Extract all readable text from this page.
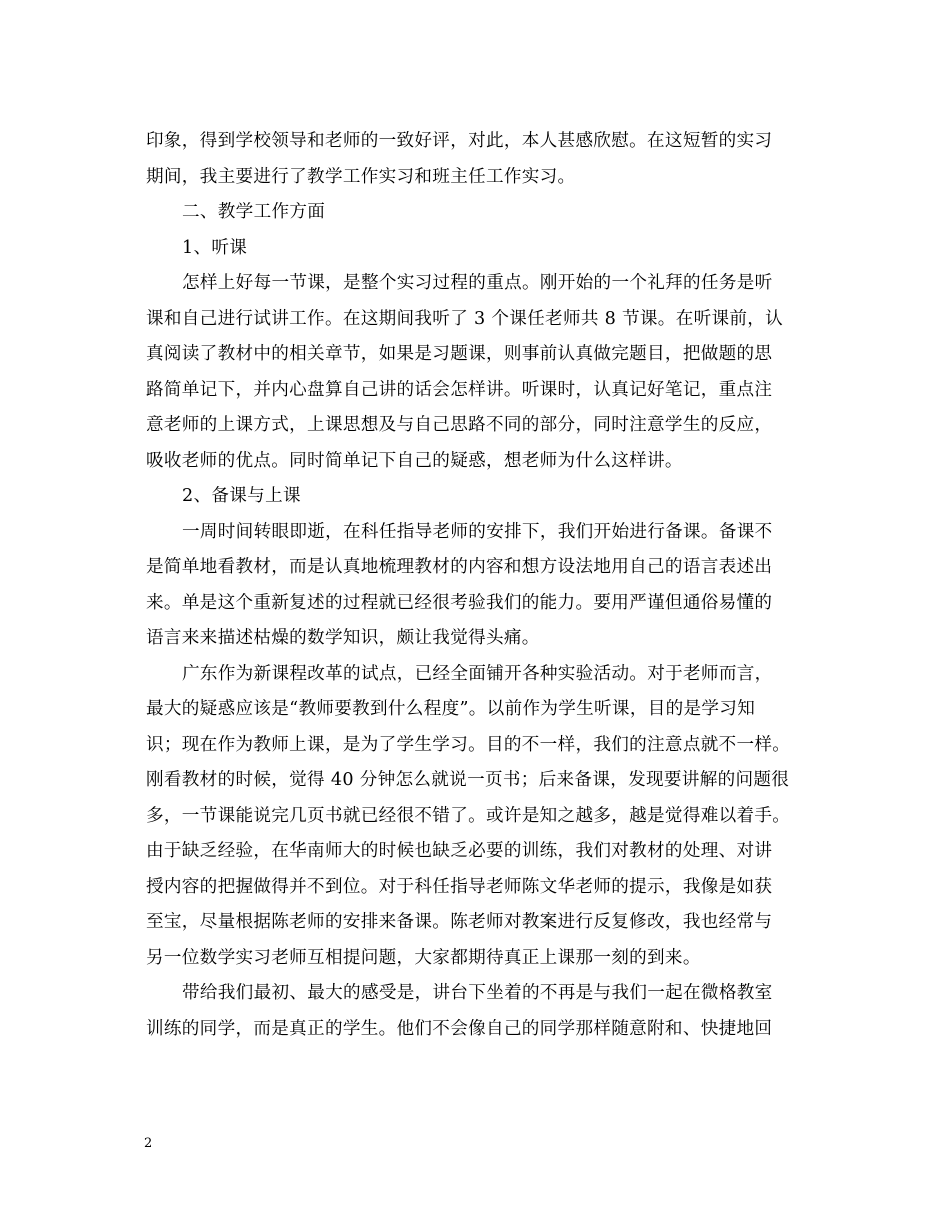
印象，得到学校领导和老师的一致好评，对此，本人甚感欣慰。在这短暂的实习
期间，我主要进行了教学工作实习和班主任工作实习。
二、教学工作方面
1、听课
怎样上好每一节课，是整个实习过程的重点。刚开始的一个礼拜的任务是听
课和自己进行试讲工作。在这期间我听了 3 个课任老师共 8 节课。在听课前，认
真阅读了教材中的相关章节，如果是习题课，则事前认真做完题目，把做题的思
路简单记下，并内心盘算自己讲的话会怎样讲。听课时，认真记好笔记，重点注
意老师的上课方式，上课思想及与自己思路不同的部分，同时注意学生的反应，
吸收老师的优点。同时简单记下自己的疑惑，想老师为什么这样讲。
2、备课与上课
一周时间转眼即逝，在科任指导老师的安排下，我们开始进行备课。备课不
是简单地看教材，而是认真地梳理教材的内容和想方设法地用自己的语言表述出
来。单是这个重新复述的过程就已经很考验我们的能力。要用严谨但通俗易懂的
语言来来描述枯燥的数学知识，颇让我觉得头痛。
广东作为新课程改革的试点，已经全面铺开各种实验活动。对于老师而言，
最大的疑惑应该是“教师要教到什么程度”。以前作为学生听课，目的是学习知
识；现在作为教师上课，是为了学生学习。目的不一样，我们的注意点就不一样。
刚看教材的时候，觉得 40 分钟怎么就说一页书；后来备课，发现要讲解的问题很
多，一节课能说完几页书就已经很不错了。或许是知之越多，越是觉得难以着手。
由于缺乏经验，在华南师大的时候也缺乏必要的训练，我们对教材的处理、对讲
授内容的把握做得并不到位。对于科任指导老师陈文华老师的提示，我像是如获
至宝，尽量根据陈老师的安排来备课。陈老师对教案进行反复修改，我也经常与
另一位数学实习老师互相提问题，大家都期待真正上课那一刻的到来。
带给我们最初、最大的感受是，讲台下坐着的不再是与我们一起在微格教室
训练的同学，而是真正的学生。他们不会像自己的同学那样随意附和、快捷地回
2
